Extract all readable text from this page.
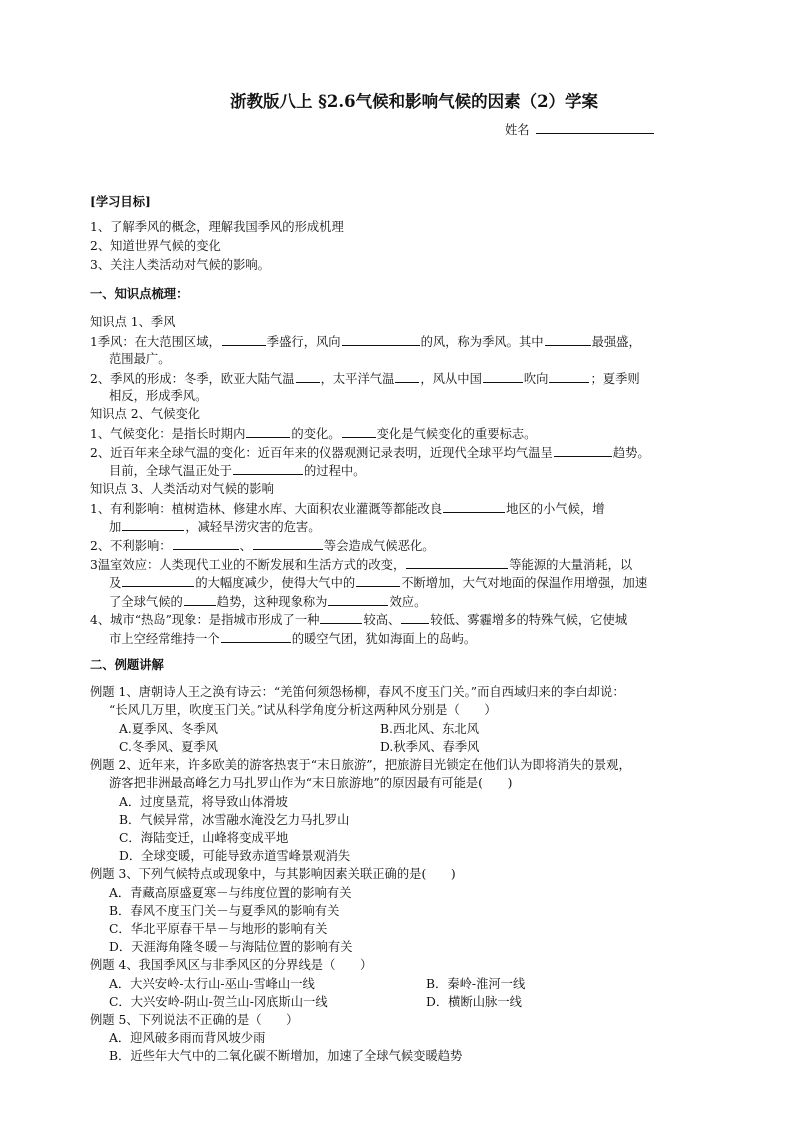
浙教版八上 §2.6气候和影响气候的因素（2）学案
姓名
[学习目标]
1、了解季风的概念，理解我国季风的形成机理
2、知道世界气候的变化
3、关注人类活动对气候的影响。
一、知识点梳理：
知识点 1、季风
1季风：在大范围区域，	季盛行，风向	的风，称为季风。其中	最强盛，
范围最广。
2、季风的形成：冬季，欧亚大陆气温 ，太平洋气温 ，风从中国	吹向	；夏季则
相反，形成季风。
知识点 2、气候变化
1、气候变化：是指长时期内	的变化。	变化是气候变化的重要标志。
2、近百年来全球气温的变化：近百年来的仪器观测记录表明，近现代全球平均气温呈	趋势。
目前，全球气温正处于	的过程中。
知识点 3、人类活动对气候的影响
1、有利影响：植树造林、修建水库、大面积农业灌溉等都能改良	地区的小气候，增
加	，减轻旱涝灾害的危害。
2、不利影响：	、	等会造成气候恶化。
3温室效应：人类现代工业的不断发展和生活方式的改变，	等能源的大量消耗，以
及	的大幅度减少，使得大气中的	不断增加，大气对地面的保温作用增强，加速
了全球气候的	趋势，这种现象称为	效应。
4、城市“热岛”现象：是指城市形成了一种	较高、 较低、雾霾增多的特殊气候，它使城
市上空经常维持一个	的暖空气团，犹如海面上的岛屿。
二、例题讲解
例题 1、唐朝诗人王之涣有诗云：“羌笛何须怨杨柳，春风不度玉门关。”而自西域归来的李白却说：
“长风几万里，吹度玉门关。”试从科学角度分析这两种风分别是（　　）
A.夏季风、冬季风	B.西北风、东北风
C.冬季风、夏季风	D.秋季风、春季风
例题 2、近年来，许多欧美的游客热衷于“末日旅游”，把旅游目光锁定在他们认为即将消失的景观，
游客把非洲最高峰乞力马扎罗山作为“末日旅游地”的原因最有可能是(　　)
A．过度垦荒，将导致山体滑坡
B．气候异常，冰雪融水淹没乞力马扎罗山
C．海陆变迁，山峰将变成平地
D．全球变暖，可能导致赤道雪峰景观消失
例题 3、下列气候特点或现象中，与其影响因素关联正确的是(　　)
A．青藏高原盛夏寒－与纬度位置的影响有关
B．春风不度玉门关－与夏季风的影响有关
C．华北平原春干旱－与地形的影响有关
D．天涯海角隆冬暖－与海陆位置的影响有关
例题 4、我国季风区与非季风区的分界线是（　　）
A．大兴安岭-太行山-巫山-雪峰山一线	B．秦岭-淮河一线
C．大兴安岭-阴山-贺兰山-冈底斯山一线	D．横断山脉一线
例题 5、下列说法不正确的是（　　）
A．迎风破多雨而背风坡少雨
B．近些年大气中的二氧化碳不断增加，加速了全球气候变暖趋势
